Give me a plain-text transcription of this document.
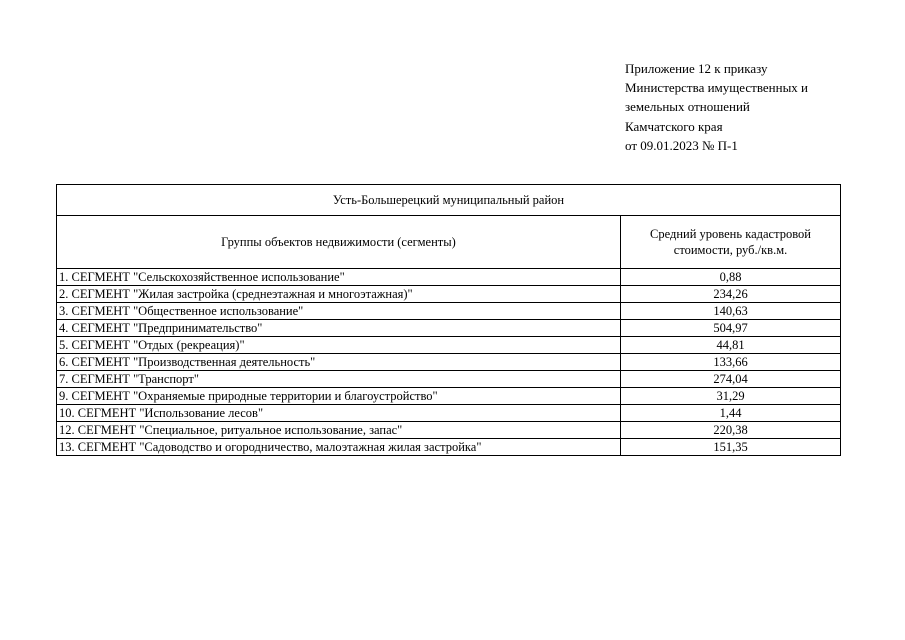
Приложение 12 к приказу
Министерства имущественных и
земельных отношений
Камчатского края
от 09.01.2023 № П-1
Усть-Большерецкий муниципальный район	
Группы объектов недвижимости (сегменты)	Средний уровень кадастровой стоимости, руб./кв.м.
1. СЕГМЕНТ "Сельскохозяйственное использование"	0,88
2. СЕГМЕНТ "Жилая застройка (среднеэтажная и многоэтажная)"	234,26
3. СЕГМЕНТ "Общественное использование"	140,63
4. СЕГМЕНТ "Предпринимательство"	504,97
5. СЕГМЕНТ "Отдых (рекреация)"	44,81
6. СЕГМЕНТ "Производственная деятельность"	133,66
7. СЕГМЕНТ "Транспорт"	274,04
9. СЕГМЕНТ "Охраняемые природные территории и благоустройство"	31,29
10. СЕГМЕНТ "Использование лесов"	1,44
12. СЕГМЕНТ "Специальное, ритуальное использование, запас"	220,38
13. СЕГМЕНТ "Садоводство и огородничество, малоэтажная жилая застройка"	151,35
